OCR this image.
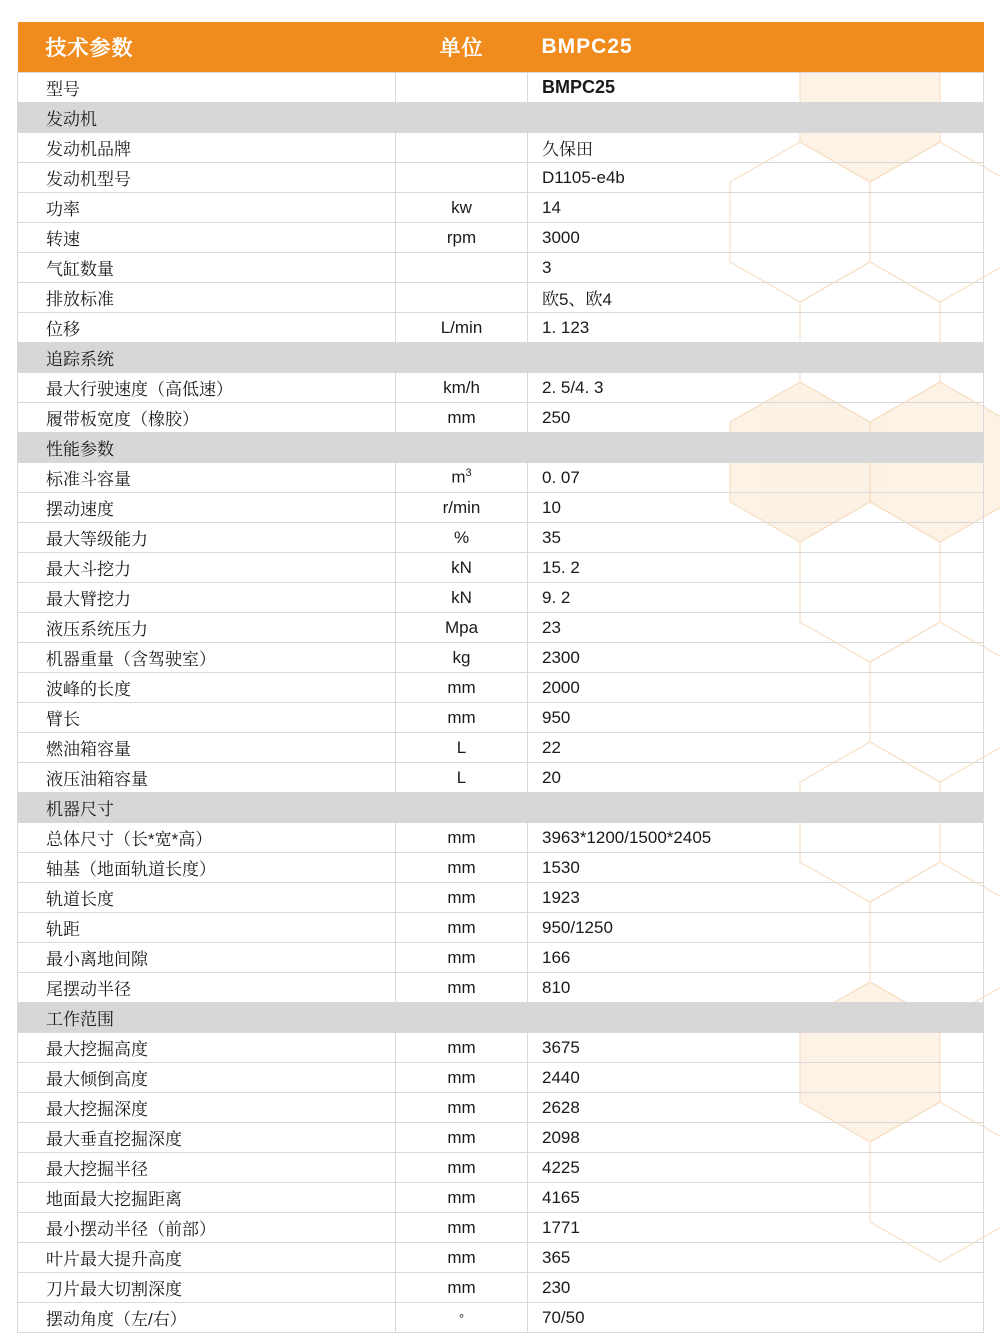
技术参数	单位	BMPC25
型号		BMPC25
发动机		
发动机品牌		久保田
发动机型号		D1105-e4b
功率	kw	14
转速	rpm	3000
气缸数量		3
排放标准		欧5、欧4
位移	L/min	1. 123
追踪系统		
最大行驶速度（高低速）	km/h	2. 5/4. 3
履带板宽度（橡胶）	mm	250
性能参数		
标准斗容量	$m^3$	0. 07
摆动速度	r/min	10
最大等级能力	%	35
最大斗挖力	kN	15. 2
最大臂挖力	kN	9. 2
液压系统压力	Mpa	23
机器重量（含驾驶室）	kg	2300
波峰的长度	mm	2000
臂长	mm	950
燃油箱容量	L	22
液压油箱容量	L	20
机器尺寸		
总体尺寸（长*宽*高）	mm	3963*1200/1500*2405
轴基（地面轨道长度）	mm	1530
轨道长度	mm	1923
轨距	mm	950/1250
最小离地间隙	mm	166
尾摆动半径	mm	810
工作范围		
最大挖掘高度	mm	3675
最大倾倒高度	mm	2440
最大挖掘深度	mm	2628
最大垂直挖掘深度	mm	2098
最大挖掘半径	mm	4225
地面最大挖掘距离	mm	4165
最小摆动半径（前部）	mm	1771
叶片最大提升高度	mm	365
刀片最大切割深度	mm	230
摆动角度（左/右）	°	70/50
